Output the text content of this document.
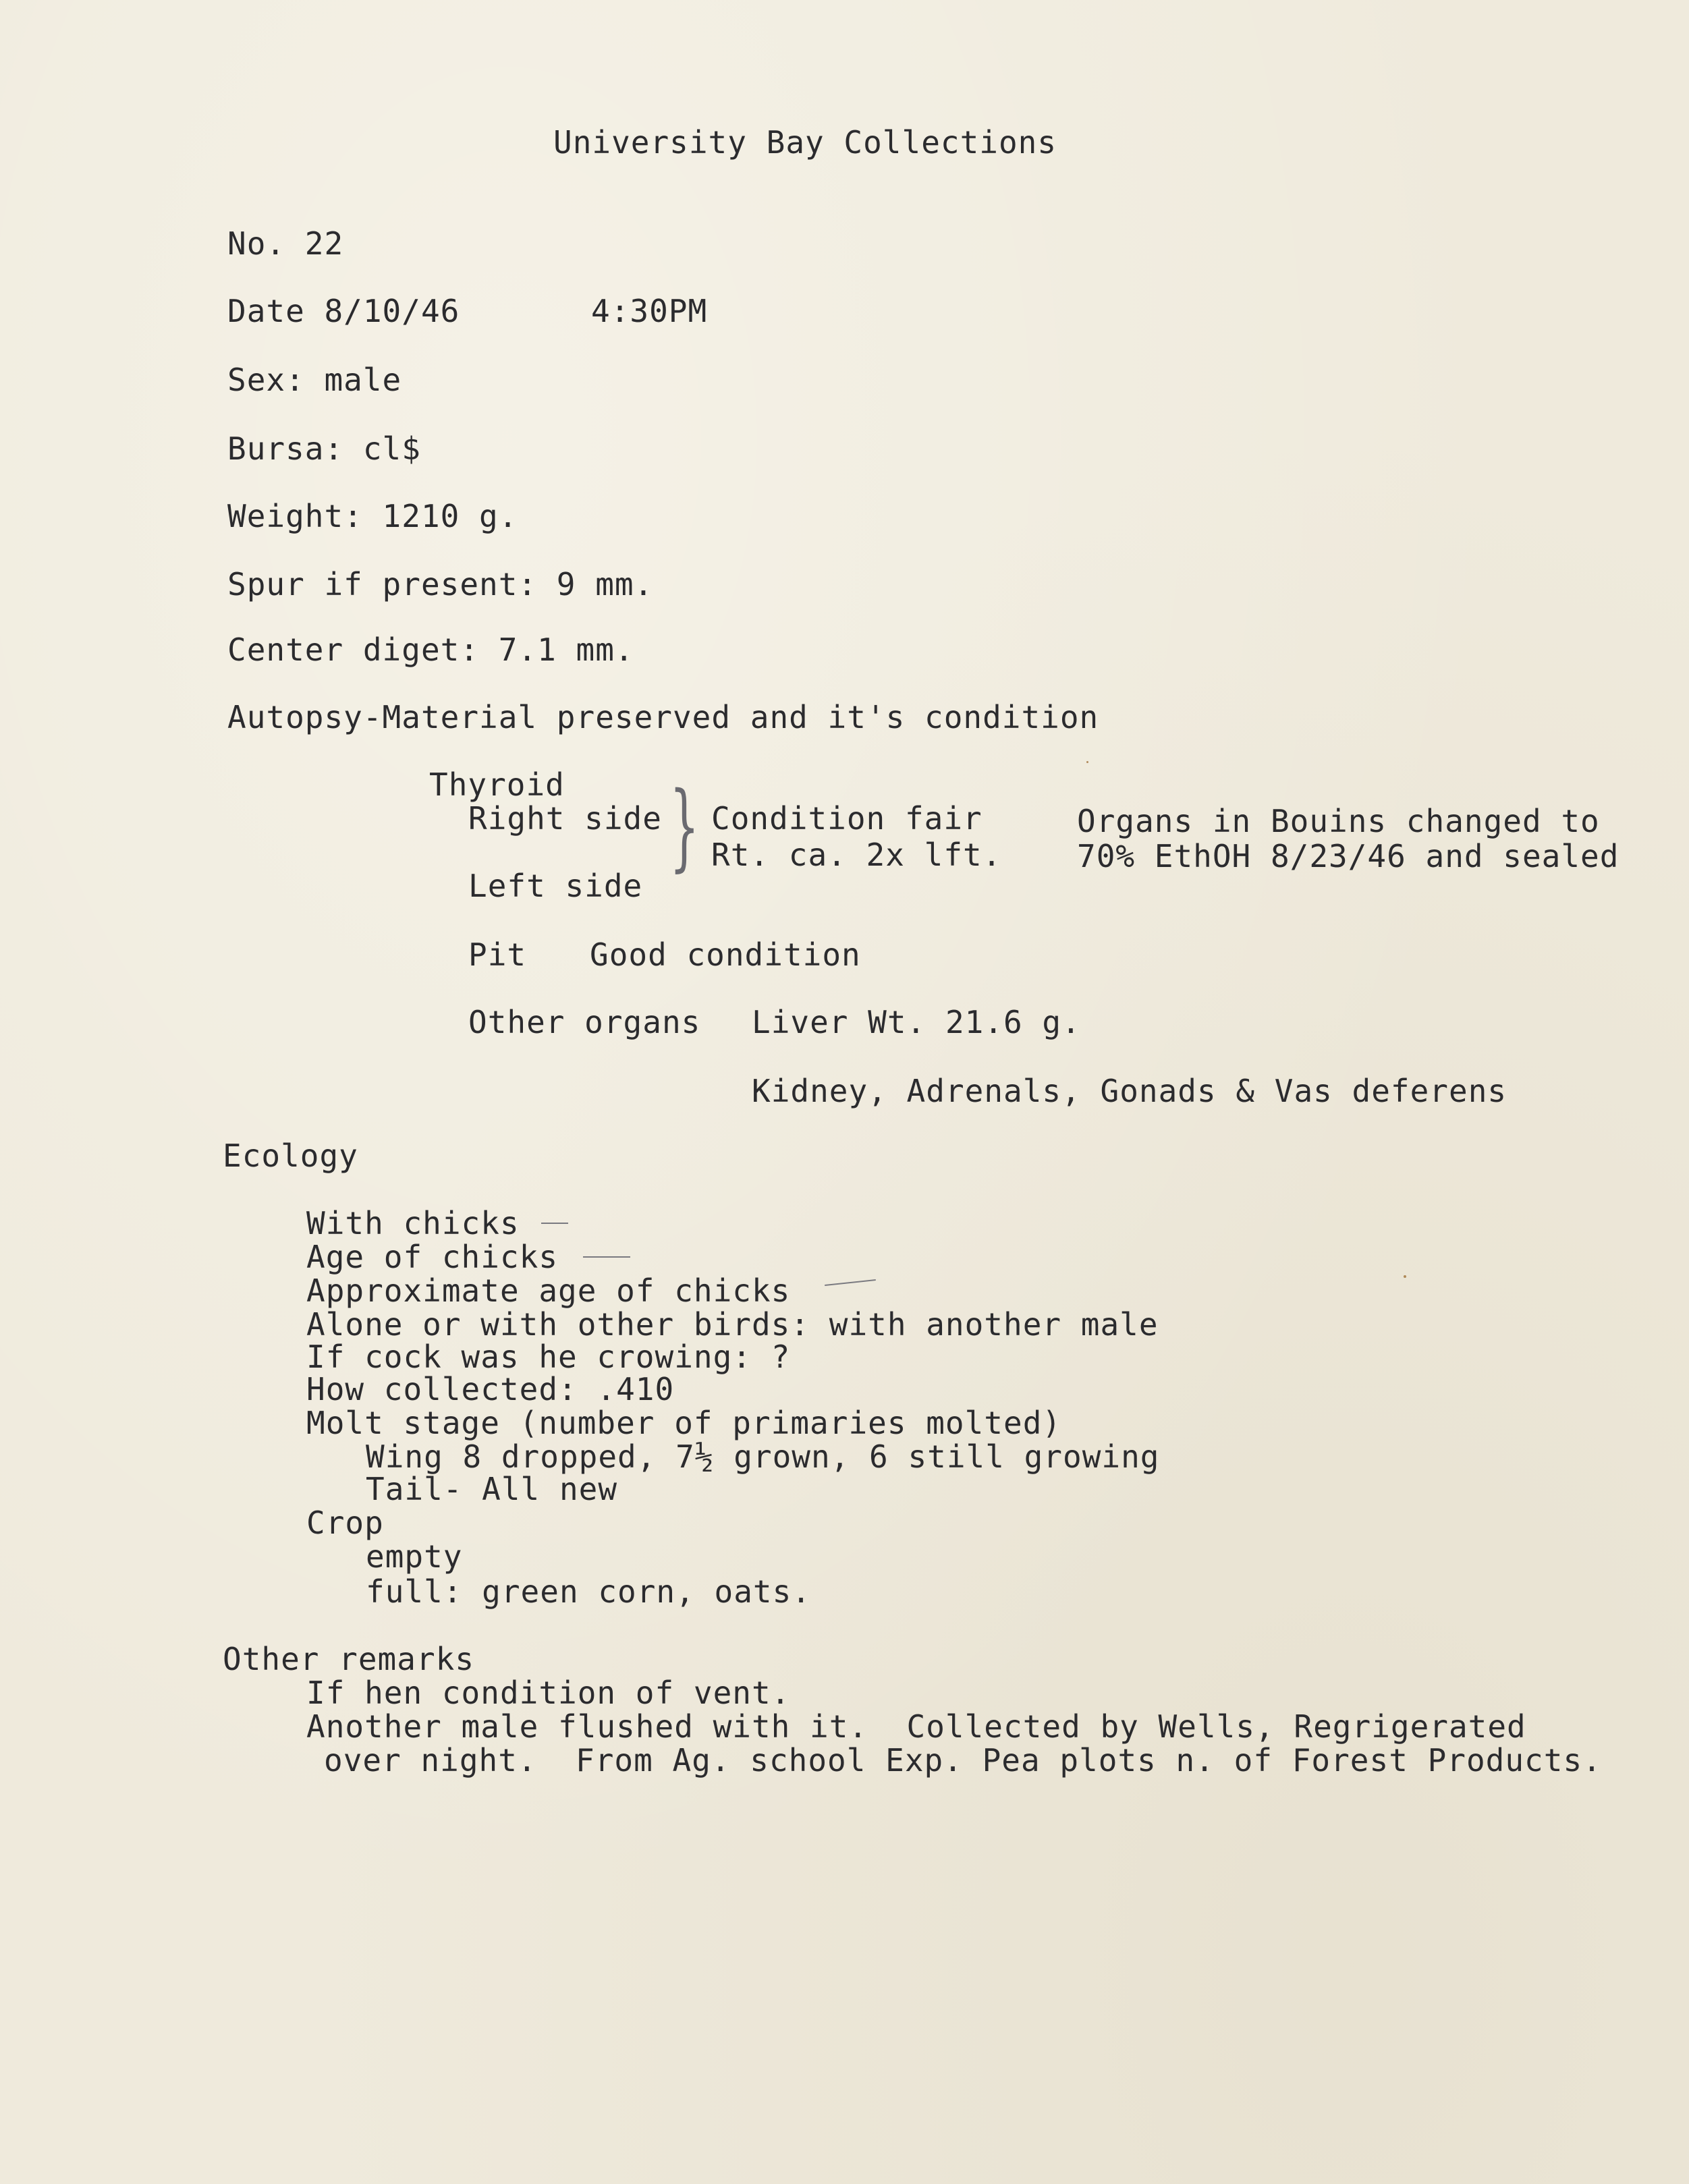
University Bay Collections
No. 22
Date 8/10/46	4:30PM
Sex: male
Bursa: cl$
Weight: 1210 g.
Spur if present: 9 mm.
Center diget: 7.1 mm.
Autopsy-Material preserved and it's condition
Thyroid
Right side
Left side
} Condition fair
Rt. ca. 2x lft.
Organs in Bouins changed to
70% EthOH 8/23/46 and sealed
Pit Good condition
Other organs Liver Wt. 21.6 g.
Kidney, Adrenals, Gonads & Vas deferens
Ecology
With chicks
Age of chicks
Approximate age of chicks
Alone or with other birds: with another male
If cock was he crowing: ?
How collected: .410
Molt stage (number of primaries molted)
Wing 8 dropped, 7½ grown, 6 still growing
Tail- All new
Crop
empty
full: green corn, oats.
Other remarks
If hen condition of vent.
Another male flushed with it.  Collected by Wells, Regrigerated
over night.  From Ag. school Exp. Pea plots n. of Forest Products.
